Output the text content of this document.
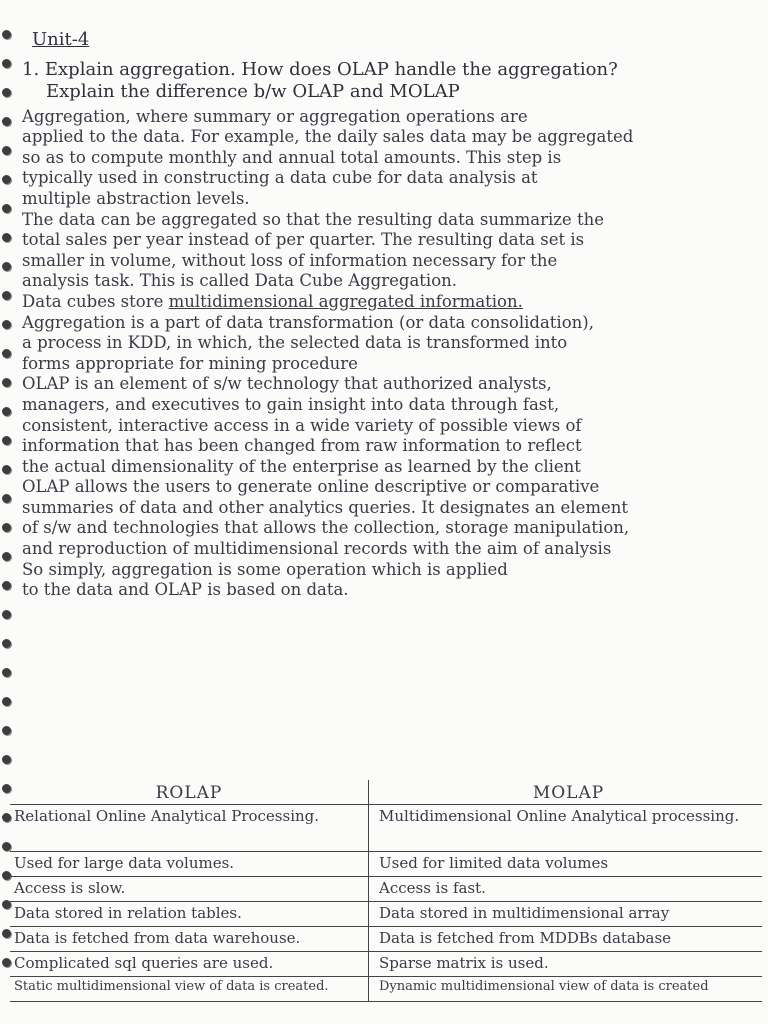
Unit-4

1. Explain aggregation. How does OLAP handle the aggregation?

Explain the difference b/w OLAP and MOLAP

Aggregation, where summary or aggregation operations are

applied to the data. For example, the daily sales data may be aggregated

so as to compute monthly and annual total amounts. This step is

typically used in constructing a data cube for data analysis at

multiple abstraction levels.

The data can be aggregated so that the resulting data summarize the

total sales per year instead of per quarter. The resulting data set is

smaller in volume, without loss of information necessary for the

analysis task. This is called Data Cube Aggregation.

Data cubes store multidimensional aggregated information.

Aggregation is a part of data transformation (or data consolidation),

a process in KDD, in which, the selected data is transformed into

forms appropriate for mining procedure

OLAP is an element of s/w technology that authorized analysts,

managers, and executives to gain insight into data through fast,

consistent, interactive access in a wide variety of possible views of

information that has been changed from raw information to reflect

the actual dimensionality of the enterprise as learned by the client

OLAP allows the users to generate online descriptive or comparative

summaries of data and other analytics queries. It designates an element

of s/w and technologies that allows the collection, storage manipulation,

and reproduction of multidimensional records with the aim of analysis

So simply, aggregation is some operation which is applied

to the data and OLAP is based on data.

ROLAP	MOLAP
Relational Online Analytical Processing.	Multidimensional Online Analytical processing.
Used for large data volumes.	Used for limited data volumes
Access is slow.	Access is fast.
Data stored in relation tables.	Data stored in multidimensional array
Data is fetched from data warehouse.	Data is fetched from MDDBs database
Complicated sql queries are used.	Sparse matrix is used.
Static multidimensional view of data is created.	Dynamic multidimensional view of data is created
